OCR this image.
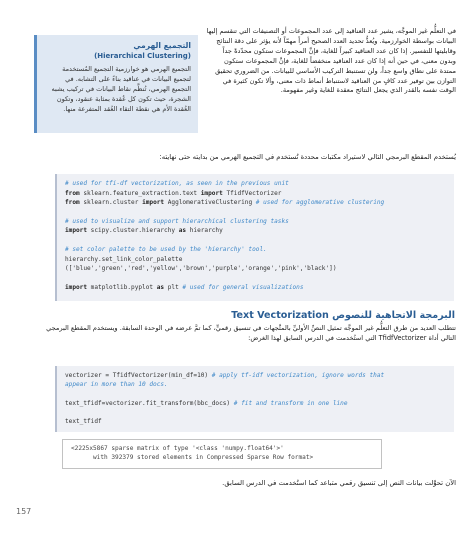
في التعلُّم غير الموجَّه، يشير عدد العناقيد إلى عدد المجموعات أو التصنيفات التي تنقسم إليها البيانات بواسطة الخوارزمية. ويُعدُّ تحديد العدد الصحيح أمراً مهمّاً لأنه يؤثر على دقة النتائج وقابليتها للتفسير. إذا كان عدد العناقيد كبيراً للغاية، فإنَّ المجموعات ستكون محدّدةً جداً وبدون معنى، في حين أنه إذا كان عدد العناقيد منخفضاً للغاية، فإنَّ المجموعات ستكون ممتدة على نطاق واسع جداً، ولن تستنبط التركيب الأساسي للبيانات. من الضروري تحقيق التوازن بين توفير عدد كافٍ من العناقيد لاستنباط أنماط ذات معنى، وألا تكون كثيرة في الوقت نفسه بالقدر الذي يجعل النتائج معقدة للغاية وغير مفهومة.
التجميع الهرمي
(Hierarchical Clustering)
التجميع الهرمي هو خوارزمية التجميع المُستخدمة لتجميع البيانات في عناقيد بناءً على التشابه. في التجميع الهرمي، تُنظَّم نقاط البيانات في تركيب يشبه الشجرة، حيث تكون كل عُقدة بمثابة عنقود، وتكون العُقدة الأم هي نقطة التقاء العُقد المتفرعة منها.
يُستخدم المقطع البرمجي التالي لاستيراد مكتبات محددة تُستخدم في التجميع الهرمي من بدايته حتى نهايته:
# used for tfi-df vectorization, as seen in the previous unit
from sklearn.feature_extraction.text import TfidfVectorizer
from sklearn.cluster import AgglomerativeClustering # used for agglomerative clustering
# used to visualize and support hierarchical clustering tasks
import scipy.cluster.hierarchy as hierarchy
# set color palette to be used by the 'hierarchy' tool.
hierarchy.set_link_color_palette
(['blue','green','red','yellow','brown','purple','orange','pink','black'])
import matplotlib.pyplot as plt # used for general visualizations
البرمجة الاتجاهية للنصوص Text Vectorization
تتطلب العديد من طرق التعلُّم غير الموجَّه تمثيل النصِّ الأوليِّ بالمتَّجهات في تنسيق رقميٍّ، كما تمَّ عرضه في الوحدة السابقة. ويستخدم المقطع البرمجي التالي أداة TfidfVectorizer التي استُخدمت في الدرس السابق لهذا الغرض:
vectorizer = TfidfVectorizer(min_df=10) # apply tf-idf vectorization, ignore words that
appear in more than 10 docs.
text_tfidf=vectorizer.fit_transform(bbc_docs) # fit and transform in one line
text_tfidf
<2225x5867 sparse matrix of type '<class 'numpy.float64'>'
with 392379 stored elements in Compressed Sparse Row format>
الآن تحوَّلت بيانات النص إلى تنسيق رقمي متباعد كما استُخدمت في الدرس السابق.
157
